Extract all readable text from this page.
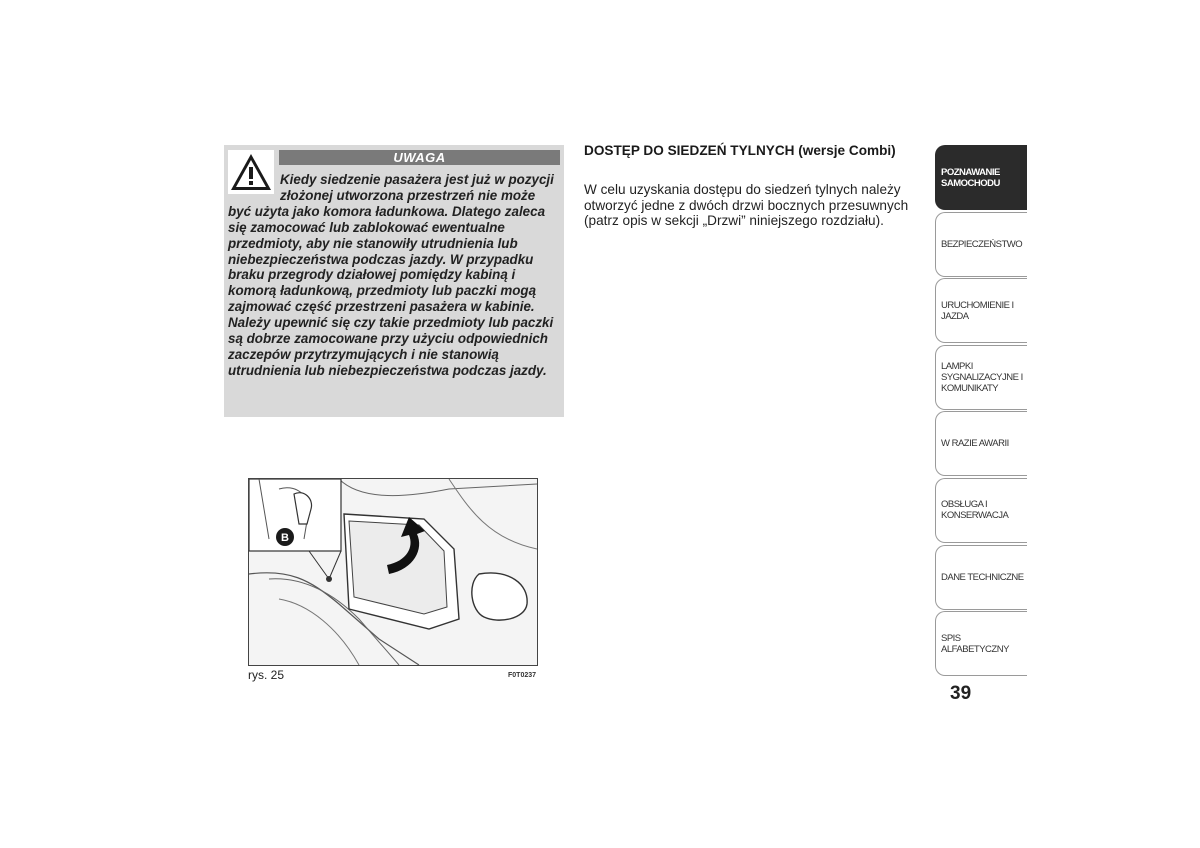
UWAGA
Kiedy siedzenie pasażera jest już w pozycji złożonej utworzona przestrzeń nie może być użyta jako komora ładunkowa. Dlatego zaleca się zamocować lub zablokować ewentualne przedmioty, aby nie stanowiły utrudnienia lub niebezpieczeństwa podczas jazdy. W przypadku braku przegrody działowej pomiędzy kabiną i komorą ładunkową, przedmioty lub paczki mogą zajmować część przestrzeni pasażera w kabinie. Należy upewnić się czy takie przedmioty lub paczki są dobrze zamocowane przy użyciu odpowiednich zaczepów przytrzymujących i nie stanowią utrudnienia lub niebezpieczeństwa podczas jazdy.
B
rys. 25	F0T0237
DOSTĘP DO SIEDZEŃ TYLNYCH (wersje Combi)
W celu uzyskania dostępu do siedzeń tylnych należy otworzyć jedne z dwóch drzwi bocznych przesuwnych (patrz opis w sekcji „Drzwi” niniejszego rozdziału).
POZNAWANIE SAMOCHODU
BEZPIECZEŃSTWO
URUCHOMIENIE I JAZDA
LAMPKI SYGNALIZACYJNE I KOMUNIKATY
W RAZIE AWARII
OBSŁUGA I KONSERWACJA
DANE TECHNICZNE
SPIS ALFABETYCZNY
39
